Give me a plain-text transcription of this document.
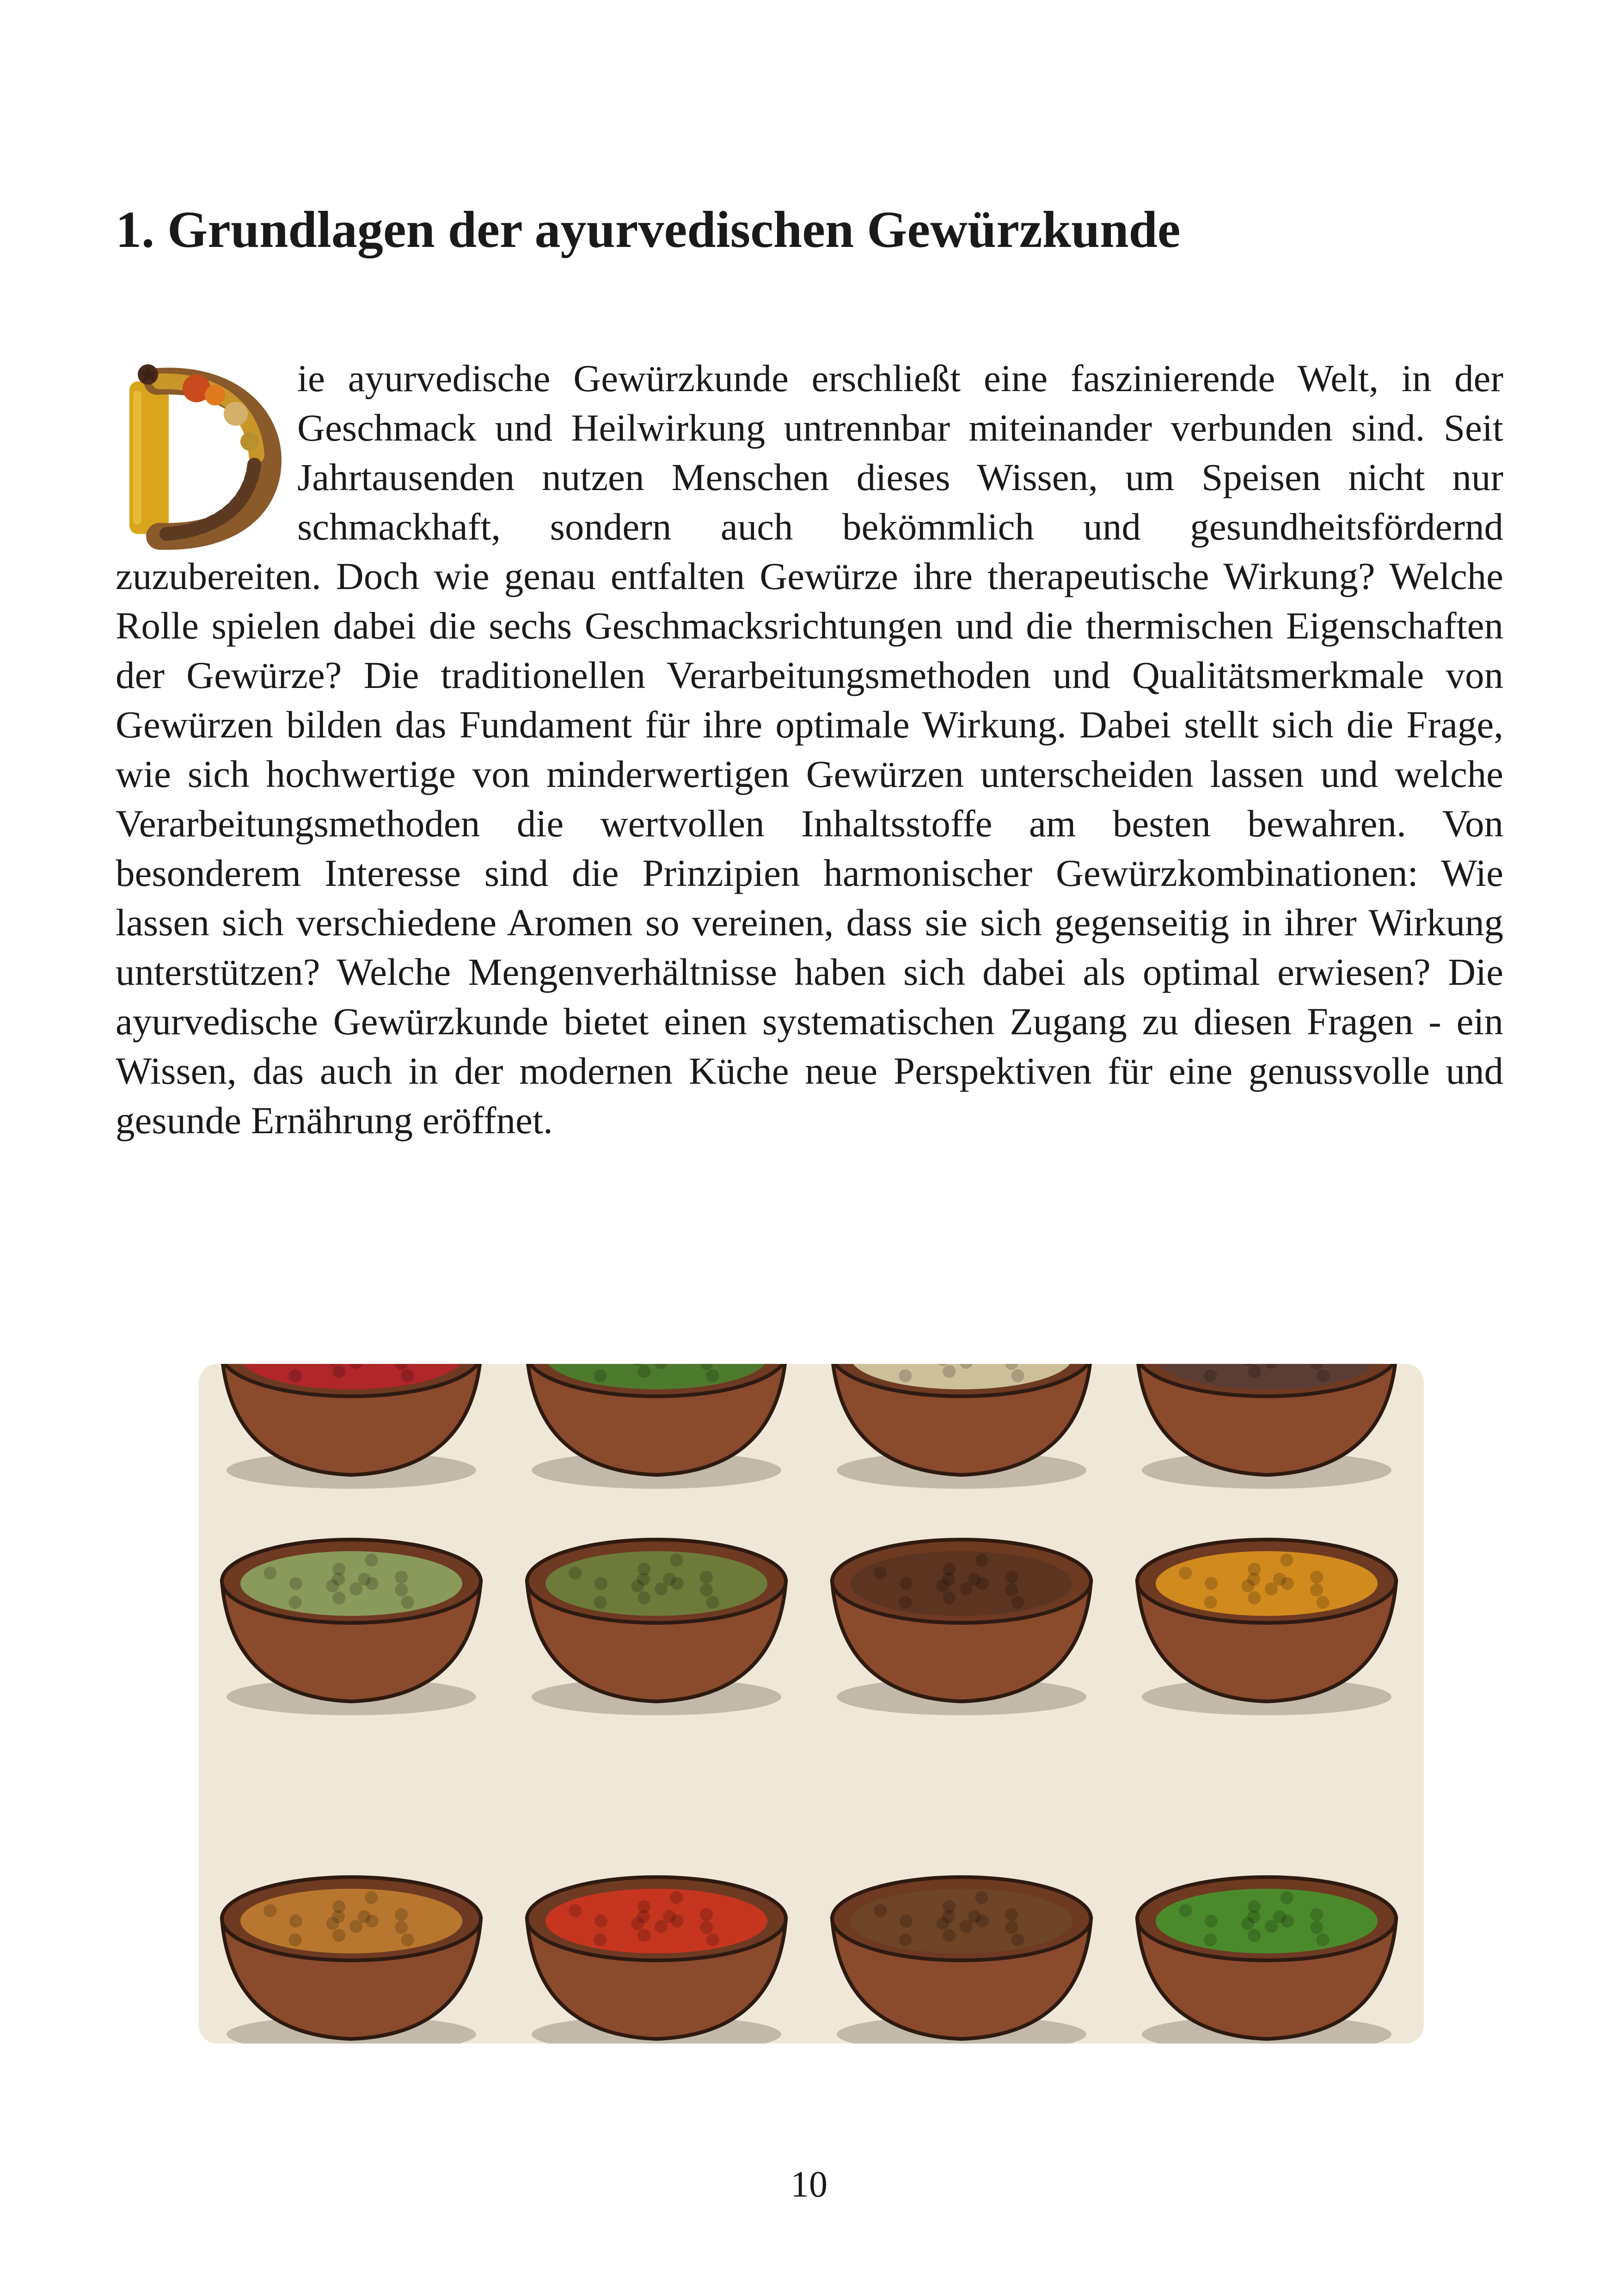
1. Grundlagen der ayurvedischen Gewürzkunde
ie ayurvedische Gewürzkunde erschließt eine faszinierende Welt, in der Geschmack und Heilwirkung untrennbar miteinander verbunden sind. Seit Jahrtausenden nutzen Menschen dieses Wissen, um Speisen nicht nur schmackhaft, sondern auch bekömmlich und gesundheitsfördernd zuzubereiten. Doch wie genau entfalten Gewürze ihre therapeutische Wirkung? Welche Rolle spielen dabei die sechs Geschmacksrichtungen und die thermischen Eigenschaften der Gewürze? Die traditionellen Verarbeitungsmethoden und Qualitätsmerkmale von Gewürzen bilden das Fundament für ihre optimale Wirkung. Dabei stellt sich die Frage, wie sich hochwertige von minderwertigen Gewürzen unterscheiden lassen und welche Verarbeitungsmethoden die wertvollen Inhaltsstoffe am besten bewahren. Von besonderem Interesse sind die Prinzipien harmonischer Gewürzkombinationen: Wie lassen sich verschiedene Aromen so vereinen, dass sie sich gegenseitig in ihrer Wirkung unterstützen? Welche Mengenverhältnisse haben sich dabei als optimal erwiesen? Die ayurvedische Gewürzkunde bietet einen systematischen Zugang zu diesen Fragen - ein Wissen, das auch in der modernen Küche neue Perspektiven für eine genussvolle und gesunde Ernährung eröffnet.
10
